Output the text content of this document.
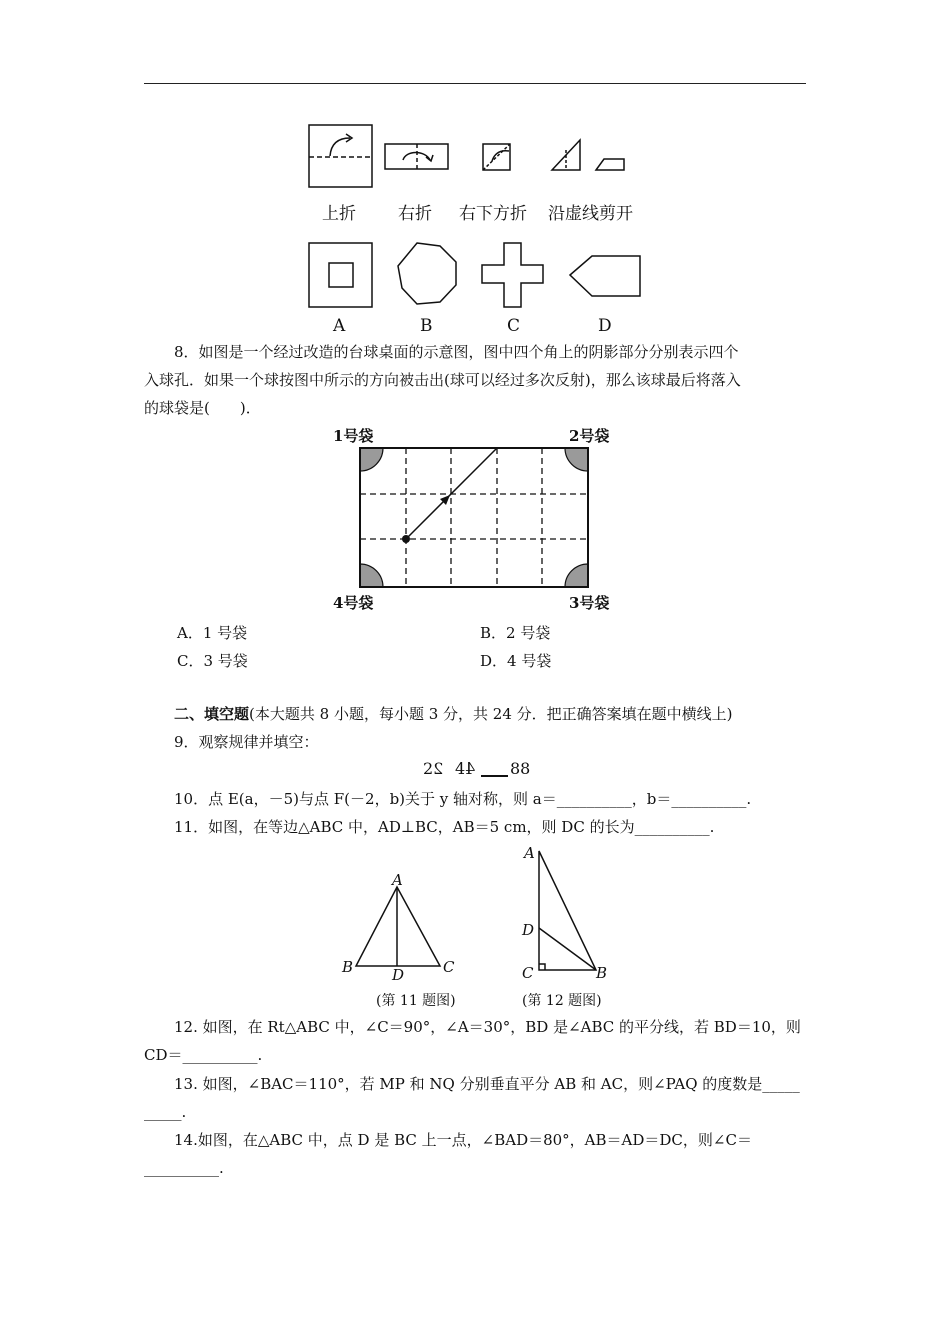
上折 右折 右下方折 沿虚线剪开
A	B	C	D
8．如图是一个经过改造的台球桌面的示意图，图中四个角上的阴影部分分别表示四个
入球孔．如果一个球按图中所示的方向被击出(球可以经过多次反射)，那么该球最后将落入
的球袋是(　　)．
1号袋	2号袋
4号袋	3号袋
A．1 号袋	B．2 号袋
C．3 号袋	D．4 号袋
二、填空题(本大题共 8 小题，每小题 3 分，共 24 分．把正确答案填在题中横线上)
9．观察规律并填空：
22 44 88
10．点 E(a，－5)与点 F(－2，b)关于 y 轴对称，则 a＝__________，b＝__________.
11．如图，在等边△ABC 中，AD⊥BC，AB＝5 cm，则 DC 的长为__________.
A
B	D	C
(第 11 题图)
A
D
C	B
(第 12 题图)
12. 如图，在 Rt△ABC 中，∠C＝90°，∠A＝30°，BD 是∠ABC 的平分线，若 BD＝10，则
CD＝__________.
13. 如图，∠BAC＝110°，若 MP 和 NQ 分别垂直平分 AB 和 AC，则∠PAQ 的度数是_____
_____.
14.如图，在△ABC 中，点 D 是 BC 上一点，∠BAD＝80°，AB＝AD＝DC，则∠C＝
__________.
